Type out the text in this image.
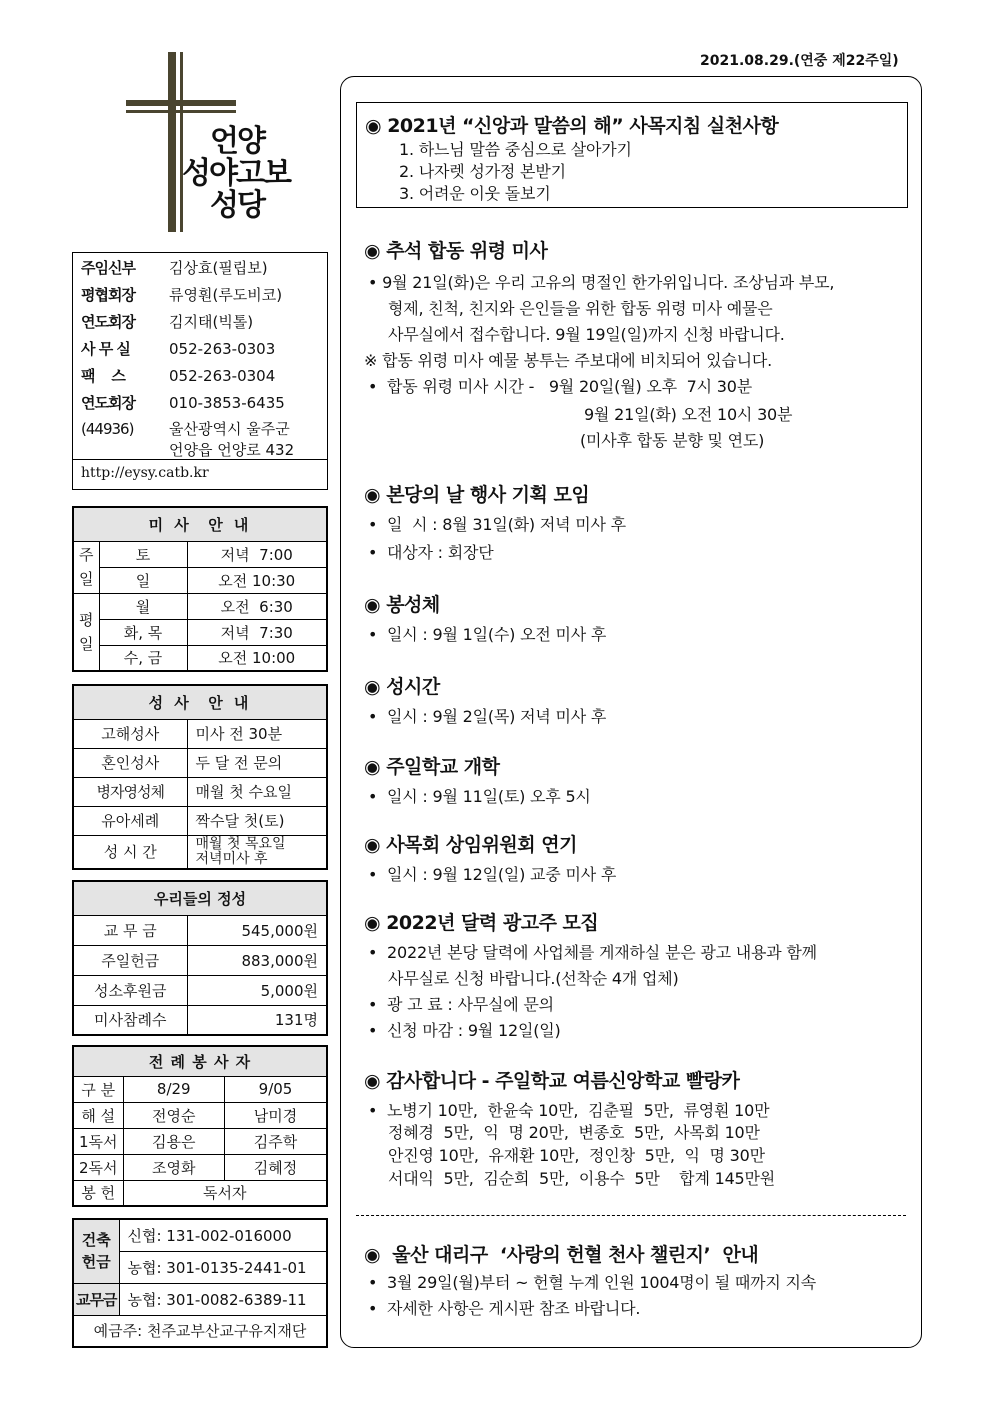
2021.08.29.(연중 제22주일)
언양
성야고보
성당
주임신부 김상효(필립보)
평협회장 류영훤(루도비코)
연도회장 김지태(빅톨)
사 무 실	052-263-0303
팩    스	052-263-0304
연도회장 010-3853-6435
(44936) 울산광역시 울주군
언양읍 언양로 432
http://eysy.catb.kr
미 사  안 내		
주일	토	저녁  7:00
	일	오전 10:30
평일	월	오전  6:30
	화, 목	저녁  7:30
	수, 금	오전 10:00
성 사  안 내	
고해성사	미사 전 30분
혼인성사	두 달 전 문의
병자영성체	매월 첫 수요일
유아세례	짝수달 첫(토)
성 시 간	매월 첫 목요일
저녁미사 후
우리들의 정성	
교 무 금	545,000원
주일헌금	883,000원
성소후원금	5,000원
미사참례수	131명
전 례 봉 사 자		
구 분	8/29	9/05
해 설	전영순	남미경
1독서	김용은	김주학
2독서	조영화	김혜정
봉 헌	독서자	
건축헌금	신협: 131-002-016000
	농협: 301-0135-2441-01
교무금	농협: 301-0082-6389-11
예금주: 천주교부산교구유지재단	
◉ 2021년 “신앙과 말씀의 해” 사목지침 실천사항
1. 하느님 말씀 중심으로 살아가기
2. 나자렛 성가정 본받기
3. 어려운 이웃 돌보기
◉ 추석 합동 위령 미사
• 9월 21일(화)은 우리 고유의 명절인 한가위입니다. 조상님과 부모,
형제, 친척, 친지와 은인들을 위한 합동 위령 미사 예물은
사무실에서 접수합니다. 9월 19일(일)까지 신청 바랍니다.
※ 합동 위령 미사 예물 봉투는 주보대에 비치되어 있습니다.
•  합동 위령 미사 시간 -   9월 20일(월) 오후  7시 30분
9월 21일(화) 오전 10시 30분
(미사후 합동 분향 및 연도)
◉ 본당의 날 행사 기획 모임
•  일  시 : 8월 31일(화) 저녁 미사 후
•  대상자 : 회장단
◉ 봉성체
•  일시 : 9월 1일(수) 오전 미사 후
◉ 성시간
•  일시 : 9월 2일(목) 저녁 미사 후
◉ 주일학교 개학
•  일시 : 9월 11일(토) 오후 5시
◉ 사목회 상임위원회 연기
•  일시 : 9월 12일(일) 교중 미사 후
◉ 2022년 달력 광고주 모집
•  2022년 본당 달력에 사업체를 게재하실 분은 광고 내용과 함께
사무실로 신청 바랍니다.(선착순 4개 업체)
•  광 고 료 : 사무실에 문의
•  신청 마감 : 9월 12일(일)
◉ 감사합니다 - 주일학교 여름신앙학교 빨랑카
•  노병기 10만,  한윤숙 10만,  김춘필  5만,  류영훤 10만
정혜경  5만,  익  명 20만,  변종호  5만,  사목회 10만
안진영 10만,  유재환 10만,  정인창  5만,  익  명 30만
서대익  5만,  김순희  5만,  이용수  5만    합계 145만원
◉  울산 대리구  ‘사랑의 헌혈 천사 챌린지’  안내
•  3월 29일(월)부터 ~ 헌혈 누계 인원 1004명이 될 때까지 지속
•  자세한 사항은 게시판 참조 바랍니다.
